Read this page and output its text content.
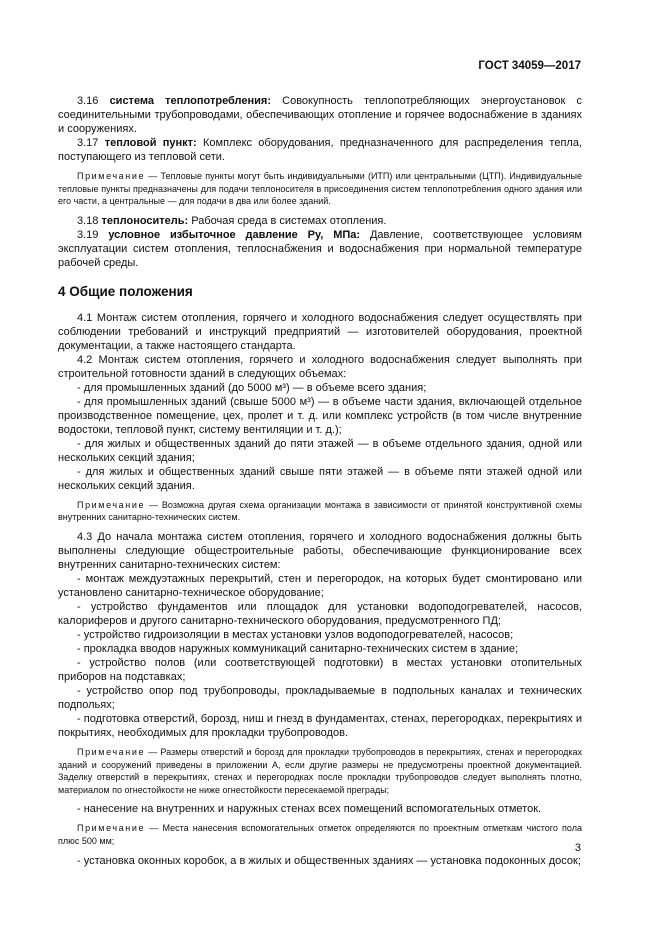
ГОСТ 34059—2017

3.16 система теплопотребления: Совокупность теплопотребляющих энергоустановок с соединительными трубопроводами, обеспечивающих отопление и горячее водоснабжение в зданиях и сооружениях.

3.17 тепловой пункт: Комплекс оборудования, предназначенного для распределения тепла, поступающего из тепловой сети.

Примечание — Тепловые пункты могут быть индивидуальными (ИТП) или центральными (ЦТП). Индивидуальные тепловые пункты предназначены для подачи теплоносителя в присоединения систем теплопотребления одного здания или его части, а центральные — для подачи в два или более зданий.

3.18 теплоноситель: Рабочая среда в системах отопления.

3.19 условное избыточное давление Pу, МПа: Давление, соответствующее условиям эксплуатации систем отопления, теплоснабжения и водоснабжения при нормальной температуре рабочей среды.

4 Общие положения

4.1 Монтаж систем отопления, горячего и холодного водоснабжения следует осуществлять при соблюдении требований и инструкций предприятий — изготовителей оборудования, проектной документации, а также настоящего стандарта.

4.2 Монтаж систем отопления, горячего и холодного водоснабжения следует выполнять при строительной готовности зданий в следующих объемах:

- для промышленных зданий (до 5000 м³) — в объеме всего здания;

- для промышленных зданий (свыше 5000 м³) — в объеме части здания, включающей отдельное производственное помещение, цех, пролет и т. д. или комплекс устройств (в том числе внутренние водостоки, тепловой пункт, систему вентиляции и т. д.);

- для жилых и общественных зданий до пяти этажей — в объеме отдельного здания, одной или нескольких секций здания;

- для жилых и общественных зданий свыше пяти этажей — в объеме пяти этажей одной или нескольких секций здания.

Примечание — Возможна другая схема организации монтажа в зависимости от принятой конструктивной схемы внутренних санитарно-технических систем.

4.3 До начала монтажа систем отопления, горячего и холодного водоснабжения должны быть выполнены следующие общестроительные работы, обеспечивающие функционирование всех внутренних санитарно-технических систем:

- монтаж междуэтажных перекрытий, стен и перегородок, на которых будет смонтировано или установлено санитарно-техническое оборудование;

- устройство фундаментов или площадок для установки водоподогревателей, насосов, калориферов и другого санитарно-технического оборудования, предусмотренного ПД;

- устройство гидроизоляции в местах установки узлов водоподогревателей, насосов;

- прокладка вводов наружных коммуникаций санитарно-технических систем в здание;

- устройство полов (или соответствующей подготовки) в местах установки отопительных приборов на подставках;

- устройство опор под трубопроводы, прокладываемые в подпольных каналах и технических подпольях;

- подготовка отверстий, борозд, ниш и гнезд в фундаментах, стенах, перегородках, перекрытиях и покрытиях, необходимых для прокладки трубопроводов.

Примечание — Размеры отверстий и борозд для прокладки трубопроводов в перекрытиях, стенах и перегородках зданий и сооружений приведены в приложении А, если другие размеры не предусмотрены проектной документацией. Заделку отверстий в перекрытиях, стенах и перегородках после прокладки трубопроводов следует выполнять плотно, материалом по огнестойкости не ниже огнестойкости пересекаемой преграды;

- нанесение на внутренних и наружных стенах всех помещений вспомогательных отметок.

Примечание — Места нанесения вспомогательных отметок определяются по проектным отметкам чистого пола плюс 500 мм;

- установка оконных коробок, а в жилых и общественных зданиях — установка подоконных досок;

3
